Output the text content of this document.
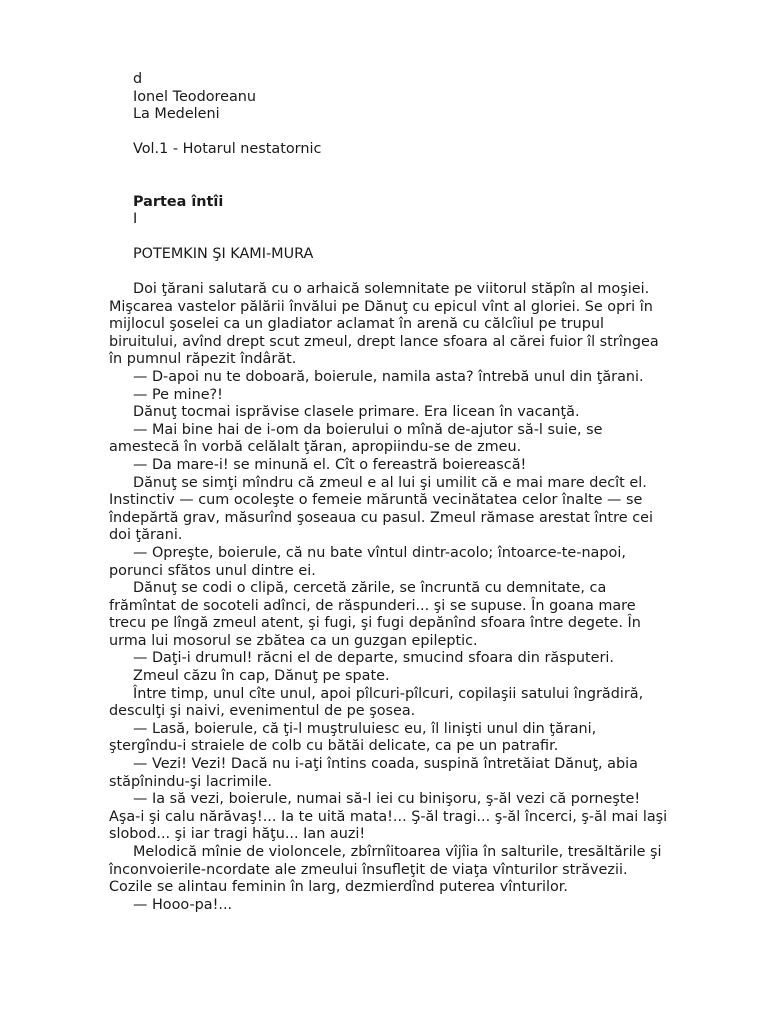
d
Ionel Teodoreanu
La Medeleni
Vol.1 - Hotarul nestatornic
Partea întîi
I
POTEMKIN ŞI KAMI-MURA

Doi ţărani salutară cu o arhaică solemnitate pe viitorul stăpîn al moşiei. Mişcarea vastelor pălării învălui pe Dănuţ cu epicul vînt al gloriei. Se opri în mijlocul şoselei ca un gladiator aclamat în arenă cu călcîiul pe trupul biruitului, avînd drept scut zmeul, drept lance sfoara al cărei fuior îl strîngea în pumnul răpezit îndârăt.

— D-apoi nu te doboară, boierule, namila asta? întrebă unul din ţărani.

— Pe mine?!

Dănuţ tocmai isprăvise clasele primare. Era licean în vacanţă.

— Mai bine hai de i-om da boierului o mînă de-ajutor să-l suie, se amestecă în vorbă celălalt ţăran, apropiindu-se de zmeu.

— Da mare-i! se minună el. Cît o fereastră boierească!

Dănuţ se simţi mîndru că zmeul e al lui şi umilit că e mai mare decît el. Instinctiv — cum ocoleşte o femeie măruntă vecinătatea celor înalte — se îndepărtă grav, măsurînd şoseaua cu pasul. Zmeul rămase arestat între cei doi ţărani.

— Opreşte, boierule, că nu bate vîntul dintr-acolo; întoarce-te-napoi, porunci sfătos unul dintre ei.

Dănuţ se codi o clipă, cercetă zările, se încruntă cu demnitate, ca frămîntat de socoteli adînci, de răspunderi... şi se supuse. În goana mare trecu pe lîngă zmeul atent, şi fugi, şi fugi depănînd sfoara între degete. În urma lui mosorul se zbătea ca un guzgan epileptic.

— Daţi-i drumul! răcni el de departe, smucind sfoara din răsputeri.

Zmeul căzu în cap, Dănuţ pe spate.

Între timp, unul cîte unul, apoi pîlcuri-pîlcuri, copilaşii satului îngrădiră, desculţi şi naivi, evenimentul de pe şosea.

— Lasă, boierule, că ţi-l muştruluiesc eu, îl linişti unul din ţărani, ştergîndu-i straiele de colb cu bătăi delicate, ca pe un patrafir.

— Vezi! Vezi! Dacă nu i-aţi întins coada, suspină întretăiat Dănuţ, abia stăpînindu-şi lacrimile.

— Ia să vezi, boierule, numai să-l iei cu binişoru, ş-ăl vezi că porneşte! Aşa-i şi calu nărăvaş!... Ia te uită mata!... Ş-ăl tragi... ş-ăl încerci, ş-ăl mai laşi slobod... şi iar tragi hăţu... Ian auzi!

Melodică mînie de violoncele, zbîrnîitoarea vîjîia în salturile, tresăltările şi înconvoierile-ncordate ale zmeului însufleţit de viaţa vînturilor străvezii. Cozile se alintau feminin în larg, dezmierdînd puterea vînturilor.

— Hooo-pa!...
